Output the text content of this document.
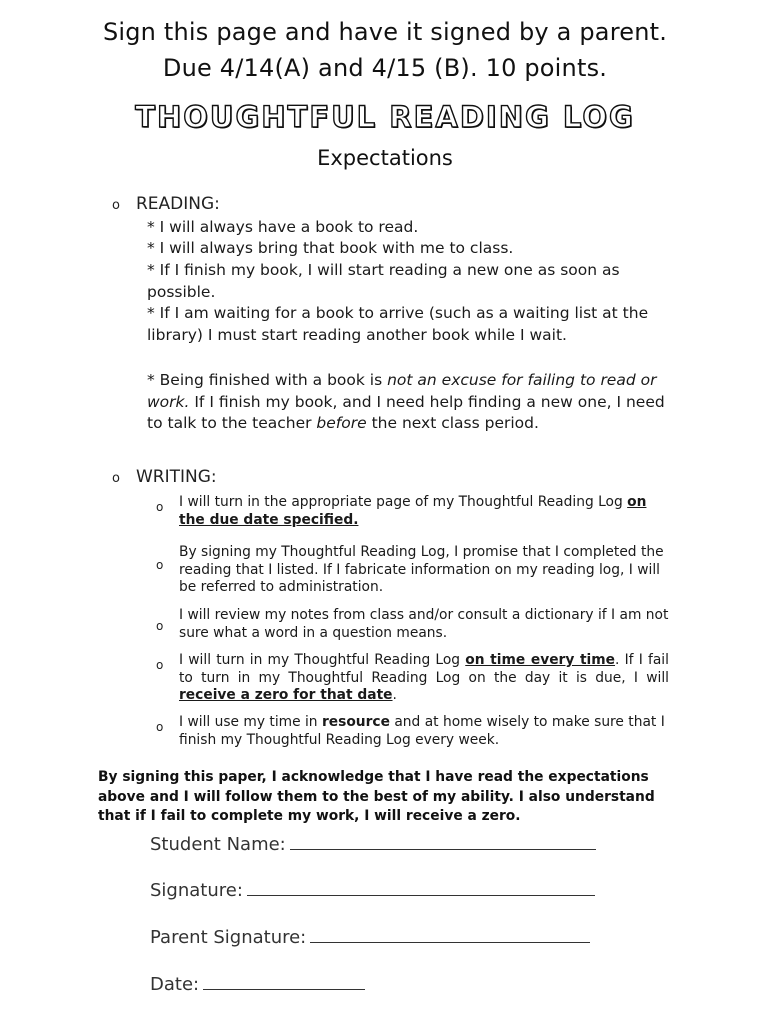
Sign this page and have it signed by a parent.
Due 4/14(A) and 4/15 (B). 10 points.
THOUGHTFUL READING LOG
Expectations
o READING:
* I will always have a book to read.
* I will always bring that book with me to class.
* If I finish my book, I will start reading a new one as soon as possible.
* If I am waiting for a book to arrive (such as a waiting list at the library) I must start reading another book while I wait.
* Being finished with a book is not an excuse for failing to read or work. If I finish my book, and I need help finding a new one, I need to talk to the teacher before the next class period.
o WRITING:
o I will turn in the appropriate page of my Thoughtful Reading Log on the due date specified.
o
By signing my Thoughtful Reading Log, I promise that I completed the reading that I listed. If I fabricate information on my reading log, I will be referred to administration.
o
I will review my notes from class and/or consult a dictionary if I am not sure what a word in a question means.
o I will turn in my Thoughtful Reading Log on time every time. If I fail to turn in my Thoughtful Reading Log on the day it is due, I will receive a zero for that date.
o I will use my time in resource and at home wisely to make sure that I finish my Thoughtful Reading Log every week.
By signing this paper, I acknowledge that I have read the expectations above and I will follow them to the best of my ability. I also understand that if I fail to complete my work, I will receive a zero.
Student Name:
Signature:
Parent Signature:
Date:
